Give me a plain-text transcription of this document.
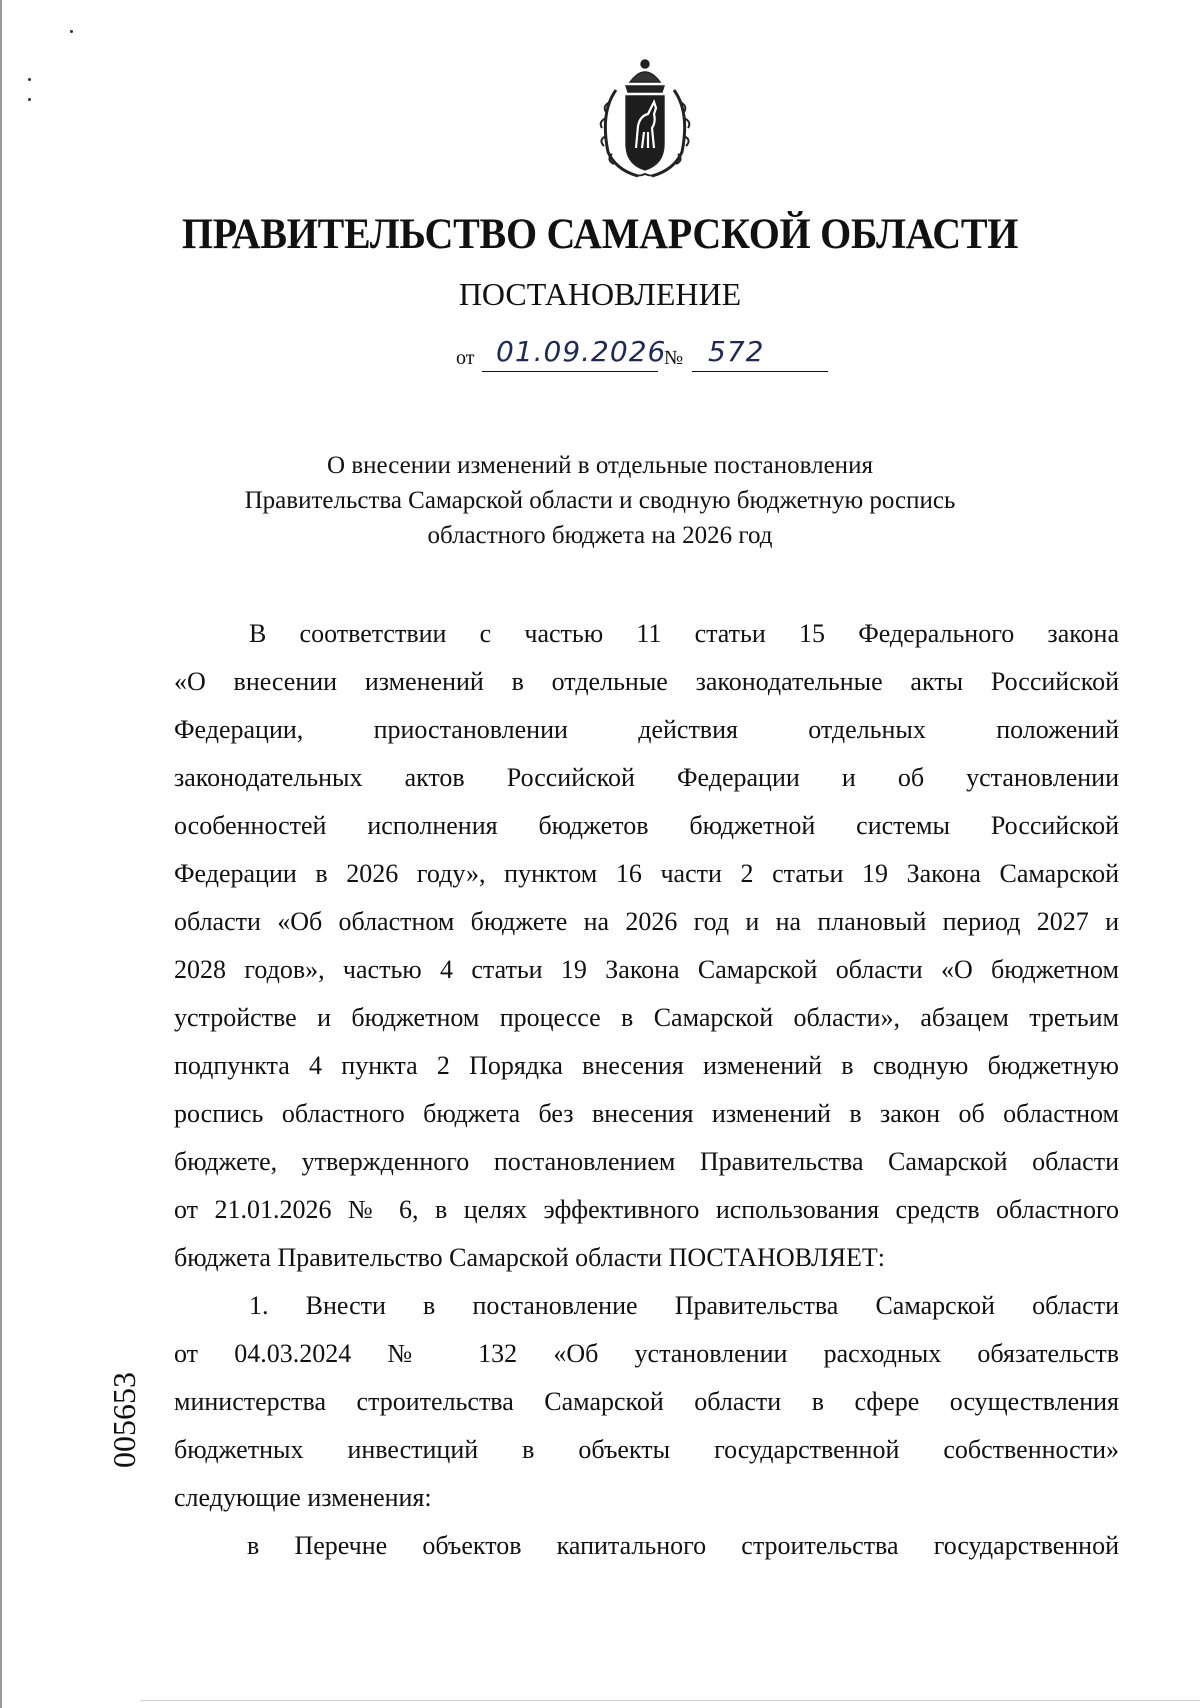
ПРАВИТЕЛЬСТВО САМАРСКОЙ ОБЛАСТИ
ПОСТАНОВЛЕНИЕ
от 01.09.2026
№ 572
О внесении изменений в отдельные постановления
Правительства Самарской области и сводную бюджетную роспись
областного бюджета на 2026 год
В соответствии с частью 11 статьи 15 Федерального закона
«О внесении изменений в отдельные законодательные акты Российской
Федерации, приостановлении действия отдельных положений
законодательных актов Российской Федерации и об установлении
особенностей исполнения бюджетов бюджетной системы Российской
Федерации в 2026 году», пунктом 16 части 2 статьи 19 Закона Самарской
области «Об областном бюджете на 2026 год и на плановый период 2027 и
2028 годов», частью 4 статьи 19 Закона Самарской области «О бюджетном
устройстве и бюджетном процессе в Самарской области», абзацем третьим
подпункта 4 пункта 2 Порядка внесения изменений в сводную бюджетную
роспись областного бюджета без внесения изменений в закон об областном
бюджете, утвержденного постановлением Правительства Самарской области
от 21.01.2026 № 6, в целях эффективного использования средств областного
бюджета Правительство Самарской области ПОСТАНОВЛЯЕТ:
1. Внести в постановление Правительства Самарской области
от 04.03.2024 № 132 «Об установлении расходных обязательств
министерства строительства Самарской области в сфере осуществления
бюджетных инвестиций в объекты государственной собственности»
следующие изменения:
в Перечне объектов капитального строительства государственной
005653
